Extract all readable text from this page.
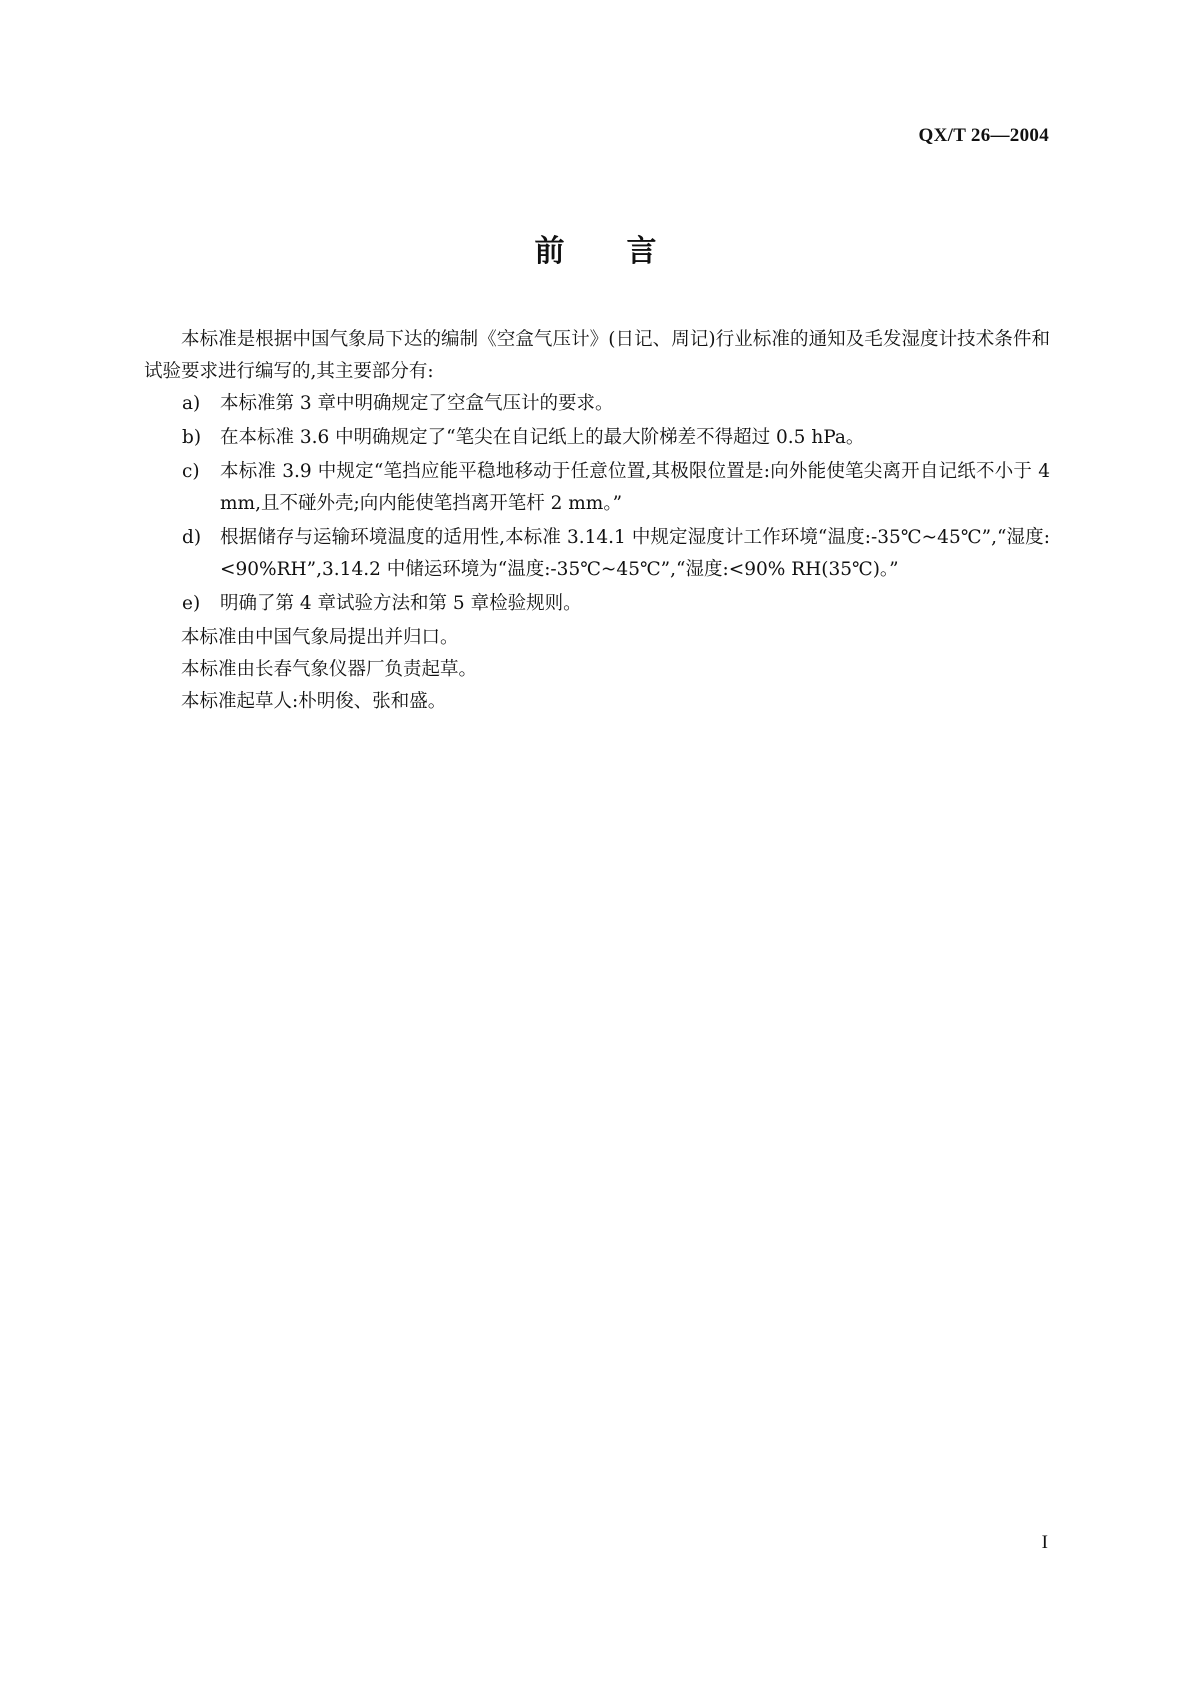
QX/T 26—2004
前 言

本标准是根据中国气象局下达的编制《空盒气压计》(日记、周记)行业标准的通知及毛发湿度计技术条件和试验要求进行编写的,其主要部分有:

a) 本标准第 3 章中明确规定了空盒气压计的要求。
b) 在本标准 3.6 中明确规定了“笔尖在自记纸上的最大阶梯差不得超过 0.5 hPa。
c) 本标准 3.9 中规定“笔挡应能平稳地移动于任意位置,其极限位置是:向外能使笔尖离开自记纸不小于 4 mm,且不碰外壳;向内能使笔挡离开笔杆 2 mm。”
d) 根据储存与运输环境温度的适用性,本标准 3.14.1 中规定湿度计工作环境“温度:-35℃~45℃”,“湿度:<90%RH”,3.14.2 中储运环境为“温度:-35℃~45℃”,“湿度:<90% RH(35℃)。”
e) 明确了第 4 章试验方法和第 5 章检验规则。

本标准由中国气象局提出并归口。

本标准由长春气象仪器厂负责起草。

本标准起草人:朴明俊、张和盛。

I
